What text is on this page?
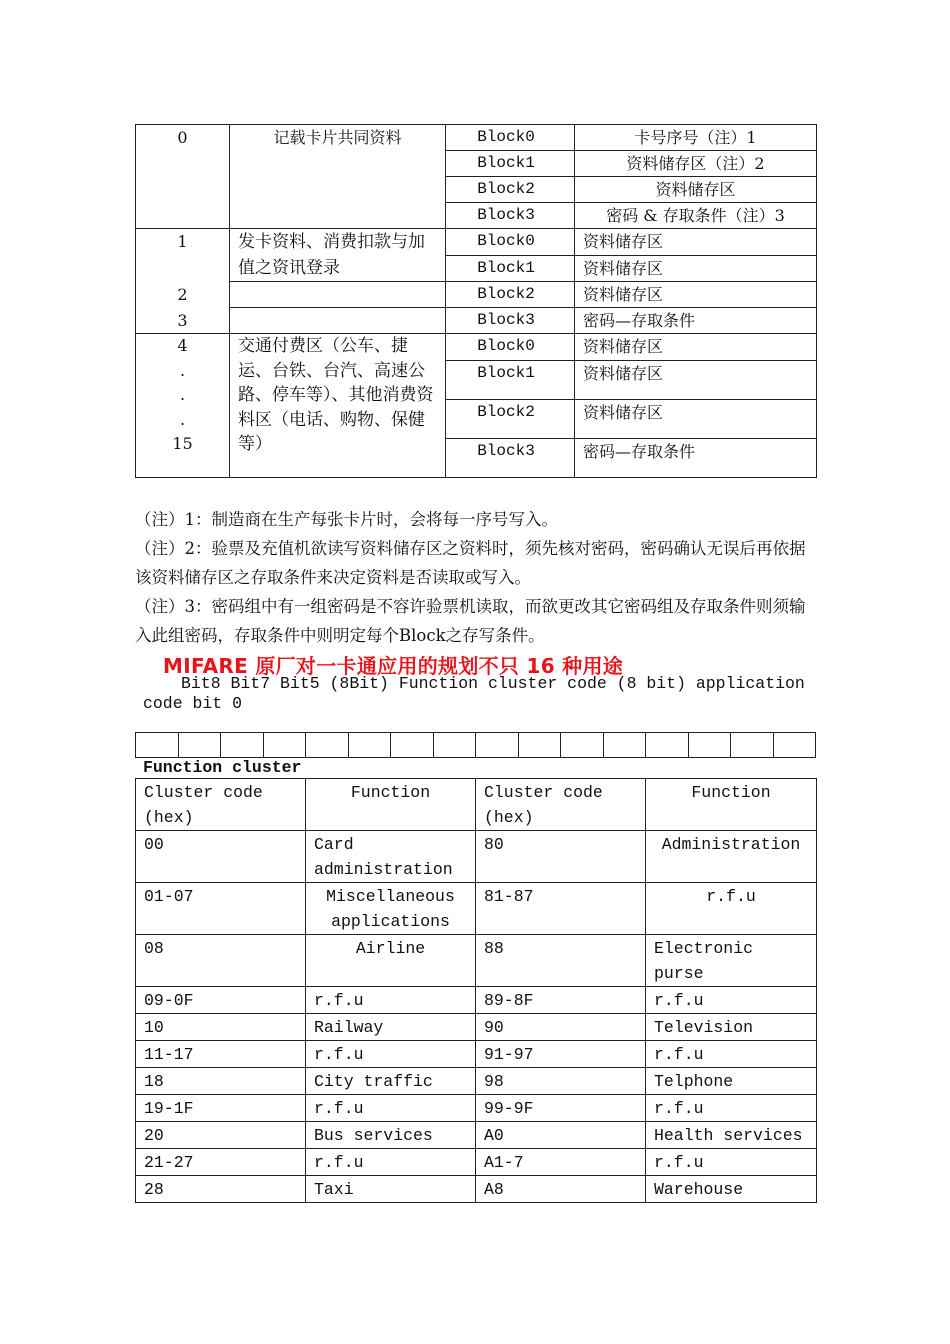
0	记载卡片共同资料	Block0	卡号序号（注）1
		Block1	资料储存区（注）2
		Block2	资料储存区
		Block3	密码 & 存取条件（注）3
1	发卡资料、消费扣款与加值之资讯登录	Block0	资料储存区
		Block1	资料储存区
2		Block2	资料储存区
3		Block3	密码—存取条件

4
.
.
.
15	交通付费区（公车、捷运、台铁、台汽、高速公路、停车等）、其他消费资料区（电话、购物、保健等）	Block0	资料储存区
		Block1	资料储存区
		Block2	资料储存区
		Block3	密码—存取条件

（注）1：制造商在生产每张卡片时，会将每一序号写入。

（注）2：验票及充值机欲读写资料储存区之资料时，须先核对密码，密码确认无误后再依据该资料储存区之存取条件来决定资料是否读取或写入。

（注）3：密码组中有一组密码是不容许验票机读取，而欲更改其它密码组及存取条件则须输入此组密码，存取条件中则明定每个Block之存写条件。

MIFARE 原厂对一卡通应用的规划不只 16 种用途
Bit8 Bit7 Bit5 (8Bit) Function cluster code (8 bit) application code bit 0

Function cluster
Cluster code (hex)	Function	Cluster code (hex)	Function
00	Card administration	80	Administration
01-07	Miscellaneous applications	81-87	r.f.u
08	Airline	88	Electronic purse
09-0F	r.f.u	89-8F	r.f.u
10	Railway	90	Television
11-17	r.f.u	91-97	r.f.u
18	City traffic	98	Telphone
19-1F	r.f.u	99-9F	r.f.u
20	Bus services	A0	Health services
21-27	r.f.u	A1-7	r.f.u
28	Taxi	A8	Warehouse
